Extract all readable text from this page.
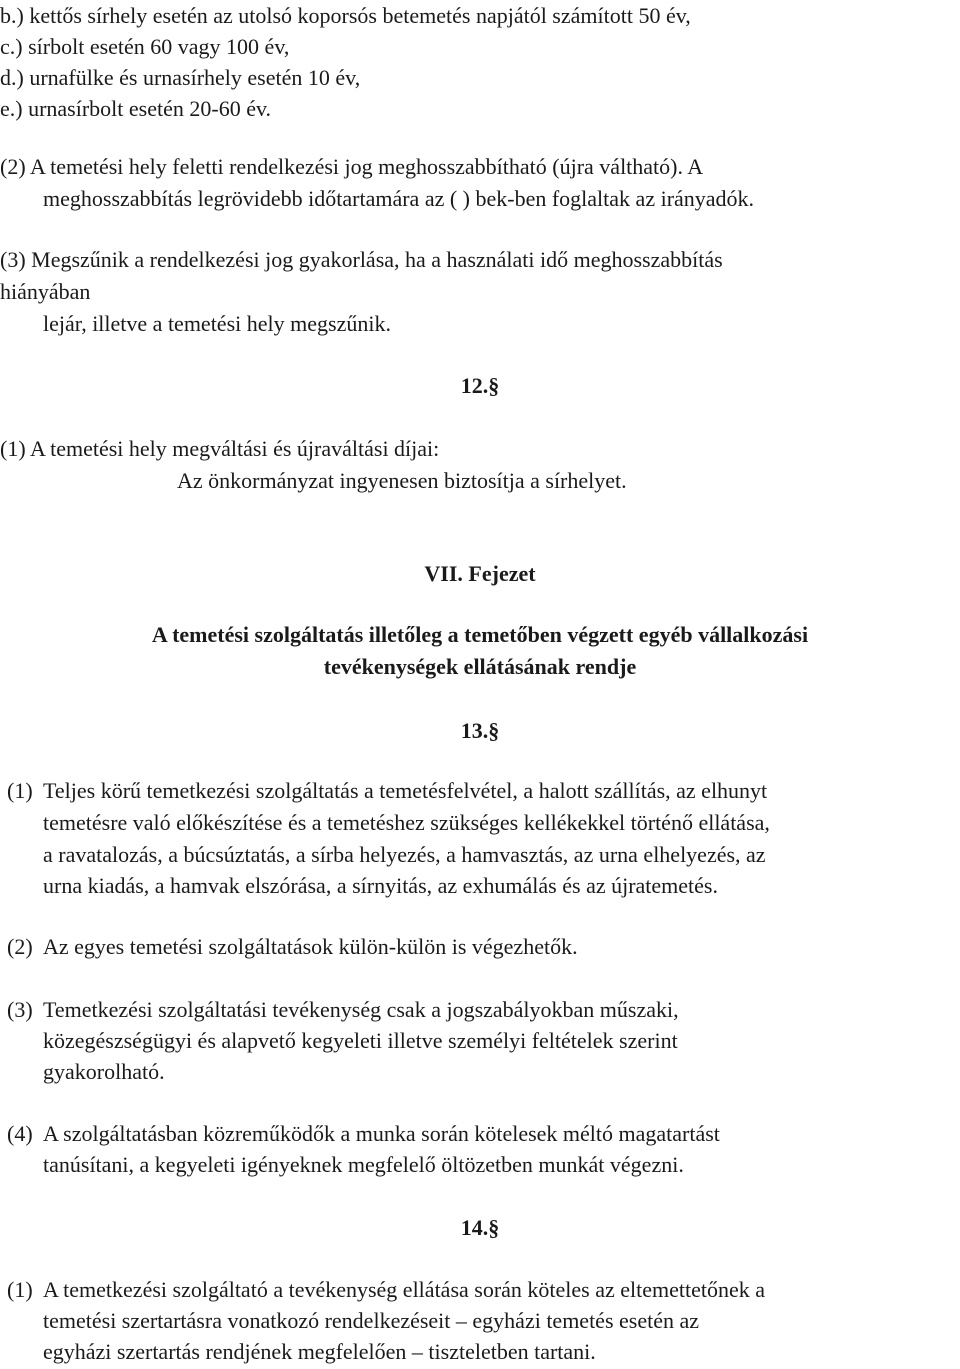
b.) kettős sírhely esetén az utolsó koporsós betemetés napjától számított 50 év,
c.) sírbolt esetén 60 vagy 100 év,
d.) urnafülke és urnasírhely esetén 10 év,
e.) urnasírbolt esetén 20-60 év.
(2) A temetési hely feletti rendelkezési jog meghosszabbítható (újra váltható). A
meghosszabbítás legrövidebb időtartamára az ( ) bek-ben foglaltak az irányadók.
(3) Megszűnik a rendelkezési jog gyakorlása, ha a használati idő meghosszabbítás
hiányában
lejár, illetve a temetési hely megszűnik.
12.§
(1) A temetési hely megváltási és újraváltási díjai:
Az önkormányzat ingyenesen biztosítja a sírhelyet.
VII. Fejezet
A temetési szolgáltatás illetőleg a temetőben végzett egyéb vállalkozási
tevékenységek ellátásának rendje
13.§
(1) Teljes körű temetkezési szolgáltatás a temetésfelvétel, a halott szállítás, az elhunyt
temetésre való előkészítése és a temetéshez szükséges kellékekkel történő ellátása,
a ravatalozás, a búcsúztatás, a sírba helyezés, a hamvasztás, az urna elhelyezés, az
urna kiadás, a hamvak elszórása, a sírnyitás, az exhumálás és az újratemetés.
(2) Az egyes temetési szolgáltatások külön-külön is végezhetők.
(3) Temetkezési szolgáltatási tevékenység csak a jogszabályokban műszaki,
közegészségügyi és alapvető kegyeleti illetve személyi feltételek szerint
gyakorolható.
(4) A szolgáltatásban közreműködők a munka során kötelesek méltó magatartást
tanúsítani, a kegyeleti igényeknek megfelelő öltözetben munkát végezni.
14.§
(1) A temetkezési szolgáltató a tevékenység ellátása során köteles az eltemettetőnek a
temetési szertartásra vonatkozó rendelkezéseit – egyházi temetés esetén az
egyházi szertartás rendjének megfelelően – tiszteletben tartani.
